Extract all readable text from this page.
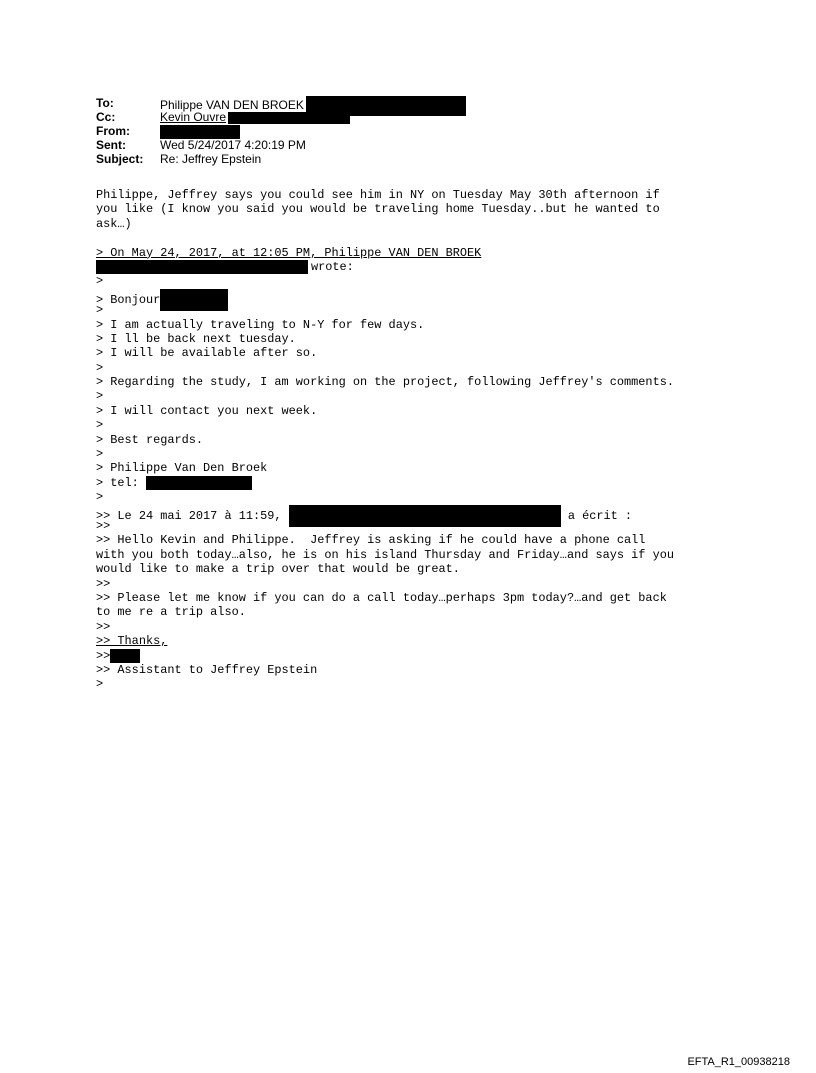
To:	Philippe VAN DEN BROEK
Cc:	Kevin Ouvre
From:
Sent:	Wed 5/24/2017 4:20:19 PM
Subject: Re: Jeffrey Epstein
Philippe, Jeffrey says you could see him in NY on Tuesday May 30th afternoon if
you like (I know you said you would be traveling home Tuesday..but he wanted to
ask…)
> On May 24, 2017, at 12:05 PM, Philippe VAN DEN BROEK
wrote:
>
> Bonjour
>
> I am actually traveling to N-Y for few days.
> I ll be back next tuesday.
> I will be available after so.
>
> Regarding the study, I am working on the project, following Jeffrey's comments.
>
> I will contact you next week.
>
> Best regards.
>
> Philippe Van Den Broek
> tel:
>
>> Le 24 mai 2017 à 11:59,	a écrit :
>>
>> Hello Kevin and Philippe.  Jeffrey is asking if he could have a phone call
with you both today…also, he is on his island Thursday and Friday…and says if you
would like to make a trip over that would be great.
>>
>> Please let me know if you can do a call today…perhaps 3pm today?…and get back
to me re a trip also.
>>
>> Thanks,
>>
>> Assistant to Jeffrey Epstein
>
EFTA_R1_00938218
